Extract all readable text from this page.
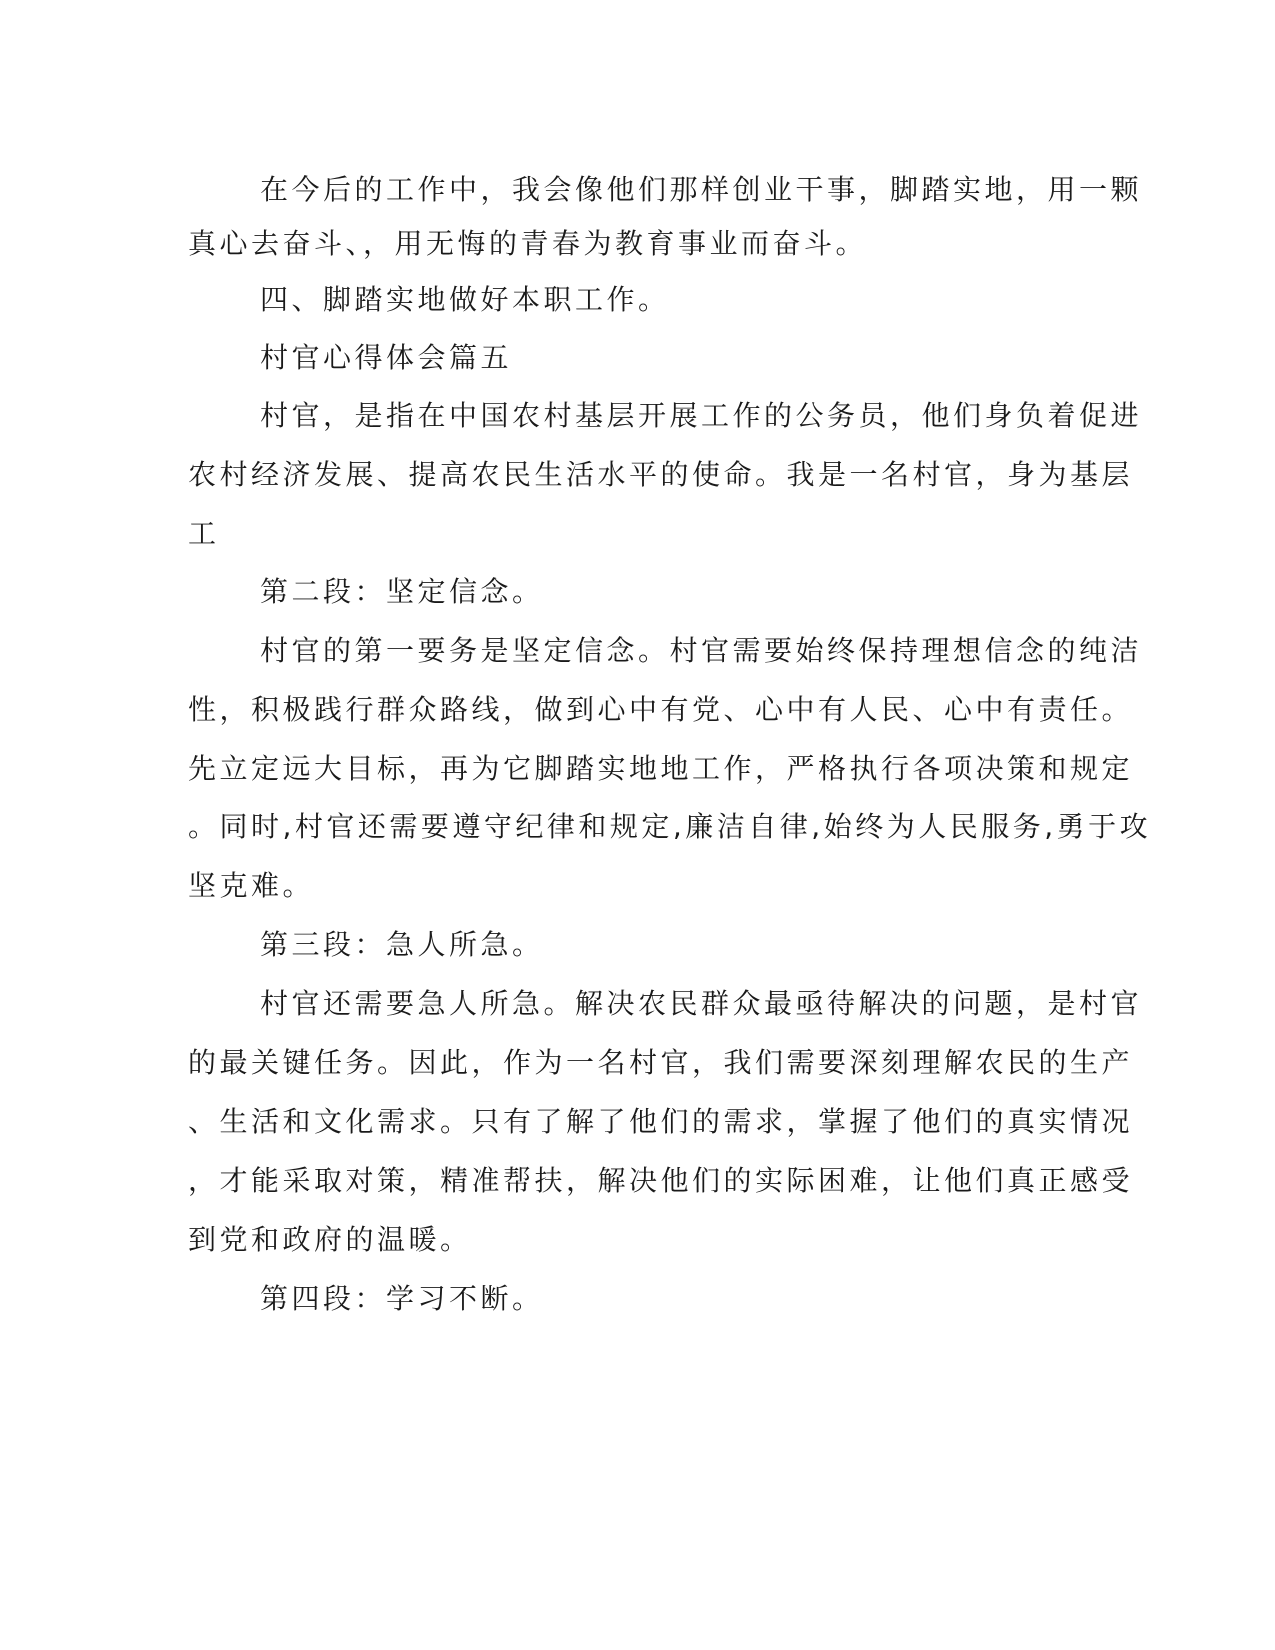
在今后的工作中，我会像他们那样创业干事，脚踏实地，用一颗
真心去奋斗、，用无悔的青春为教育事业而奋斗。
四、脚踏实地做好本职工作。
村官心得体会篇五
村官，是指在中国农村基层开展工作的公务员，他们身负着促进
农村经济发展、提高农民生活水平的使命。我是一名村官，身为基层
工
第二段：坚定信念。
村官的第一要务是坚定信念。村官需要始终保持理想信念的纯洁
性，积极践行群众路线，做到心中有党、心中有人民、心中有责任。
先立定远大目标，再为它脚踏实地地工作，严格执行各项决策和规定
。同时,村官还需要遵守纪律和规定,廉洁自律,始终为人民服务,勇于攻
坚克难。
第三段：急人所急。
村官还需要急人所急。解决农民群众最亟待解决的问题，是村官
的最关键任务。因此，作为一名村官，我们需要深刻理解农民的生产
、生活和文化需求。只有了解了他们的需求，掌握了他们的真实情况
，才能采取对策，精准帮扶，解决他们的实际困难，让他们真正感受
到党和政府的温暖。
第四段：学习不断。
